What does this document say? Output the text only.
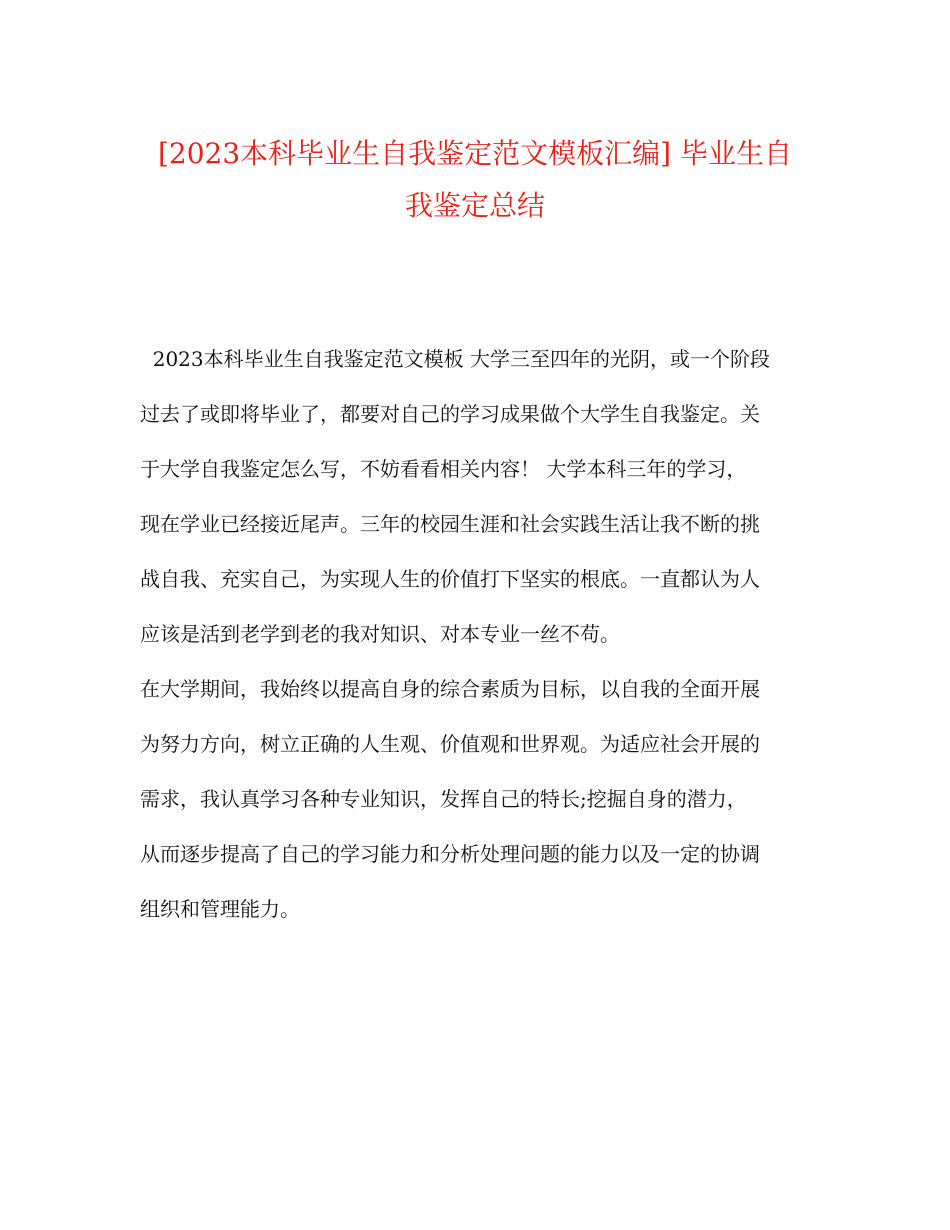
[2023本科毕业生自我鉴定范文模板汇编] 毕业生自
我鉴定总结
2023本科毕业生自我鉴定范文模板 大学三至四年的光阴，或一个阶段
过去了或即将毕业了，都要对自己的学习成果做个大学生自我鉴定。关
于大学自我鉴定怎么写，不妨看看相关内容！ 大学本科三年的学习，
现在学业已经接近尾声。三年的校园生涯和社会实践生活让我不断的挑
战自我、充实自己，为实现人生的价值打下坚实的根底。一直都认为人
应该是活到老学到老的我对知识、对本专业一丝不苟。
在大学期间，我始终以提高自身的综合素质为目标，以自我的全面开展
为努力方向，树立正确的人生观、价值观和世界观。为适应社会开展的
需求，我认真学习各种专业知识，发挥自己的特长;挖掘自身的潜力，
从而逐步提高了自己的学习能力和分析处理问题的能力以及一定的协调
组织和管理能力。
